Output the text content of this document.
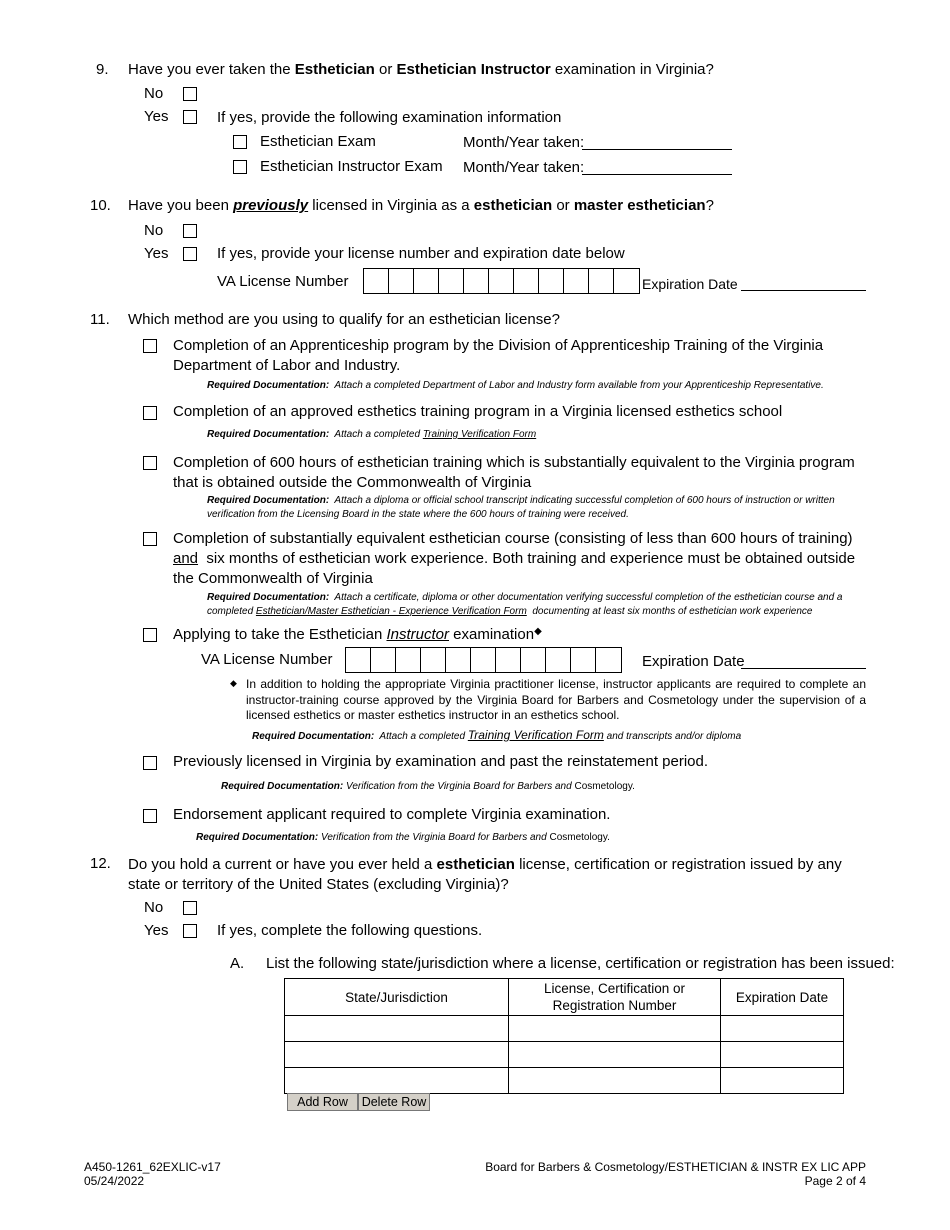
9. Have you ever taken the Esthetician or Esthetician Instructor examination in Virginia?
No
Yes	If yes, provide the following examination information
Esthetician Exam	Month/Year taken:
Esthetician Instructor Exam Month/Year taken:
10. Have you been previously licensed in Virginia as a esthetician or master esthetician?
No
Yes	If yes, provide your license number and expiration date below
VA License Number	Expiration Date
11. Which method are you using to qualify for an esthetician license?
Completion of an Apprenticeship program by the Division of Apprenticeship Training of the Virginia Department of Labor and Industry.
Required Documentation: Attach a completed Department of Labor and Industry form available from your Apprenticeship Representative.
Completion of an approved esthetics training program in a Virginia licensed esthetics school
Required Documentation: Attach a completed Training Verification Form
Completion of 600 hours of esthetician training which is substantially equivalent to the Virginia program that is obtained outside the Commonwealth of Virginia
Required Documentation: Attach a diploma or official school transcript indicating successful completion of 600 hours of instruction or written verification from the Licensing Board in the state where the 600 hours of training were received.
Completion of substantially equivalent esthetician course (consisting of less than 600 hours of training) and six months of esthetician work experience. Both training and experience must be obtained outside the Commonwealth of Virginia
Required Documentation: Attach a certificate, diploma or other documentation verifying successful completion of the esthetician course and a completed Esthetician/Master Esthetician - Experience Verification Form documenting at least six months of esthetician work experience
Applying to take the Esthetician Instructor examination◆
VA License Number	Expiration Date
◆ In addition to holding the appropriate Virginia practitioner license, instructor applicants are required to complete an instructor-training course approved by the Virginia Board for Barbers and Cosmetology under the supervision of a licensed esthetics or master esthetics instructor in an esthetics school.
Required Documentation: Attach a completed Training Verification Form and transcripts and/or diploma
Previously licensed in Virginia by examination and past the reinstatement period.
Required Documentation: Verification from the Virginia Board for Barbers and Cosmetology.
Endorsement applicant required to complete Virginia examination.
Required Documentation: Verification from the Virginia Board for Barbers and Cosmetology.
12. Do you hold a current or have you ever held a esthetician license, certification or registration issued by any state or territory of the United States (excluding Virginia)?
No
Yes	If yes, complete the following questions.
A. List the following state/jurisdiction where a license, certification or registration has been issued:
State/Jurisdiction	License, Certification or Registration Number	Expiration Date

Add Row	Delete Row
A450-1261_62EXLIC-v17
05/24/2022
Board for Barbers & Cosmetology/ESTHETICIAN & INSTR EX LIC APP
Page 2 of 4
